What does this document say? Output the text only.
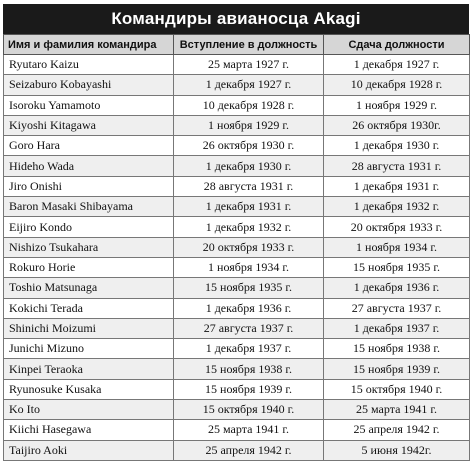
Командиры авианосца Akagi
Имя и фамилия командира	Вступление в должность	Сдача должности
Ryutaro Kaizu	25 марта 1927 г.	1 декабря 1927 г.
Seizaburo Kobayashi	1 декабря 1927 г.	10 декабря 1928 г.
Isoroku Yamamoto	10 декабря 1928 г.	1 ноября 1929 г.
Kiyoshi Kitagawa	1 ноября 1929 г.	26 октября 1930г.
Goro Hara	26 октября 1930 г.	1 декабря 1930 г.
Hideho Wada	1 декабря 1930 г.	28 августа 1931 г.
Jiro Onishi	28 августа 1931 г.	1 декабря 1931 г.
Baron Masaki Shibayama	1 декабря 1931 г.	1 декабря 1932 г.
Eijiro Kondo	1 декабря 1932 г.	20 октября 1933 г.
Nishizo Tsukahara	20 октября 1933 г.	1 ноября 1934 г.
Rokuro Horie	1 ноября 1934 г.	15 ноября 1935 г.
Toshio Matsunaga	15 ноября 1935 г.	1 декабря 1936 г.
Kokichi Terada	1 декабря 1936 г.	27 августа 1937 г.
Shinichi Moizumi	27 августа 1937 г.	1 декабря 1937 г.
Junichi Mizuno	1 декабря 1937 г.	15 ноября 1938 г.
Kinpei Teraoka	15 ноября 1938 г.	15 ноября 1939 г.
Ryunosuke Kusaka	15 ноября 1939 г.	15 октября 1940 г.
Ko Ito	15 октября 1940 г.	25 марта 1941 г.
Kiichi Hasegawa	25 марта 1941 г.	25 апреля 1942 г.
Taijiro Aoki	25 апреля 1942 г.	5 июня 1942г.
